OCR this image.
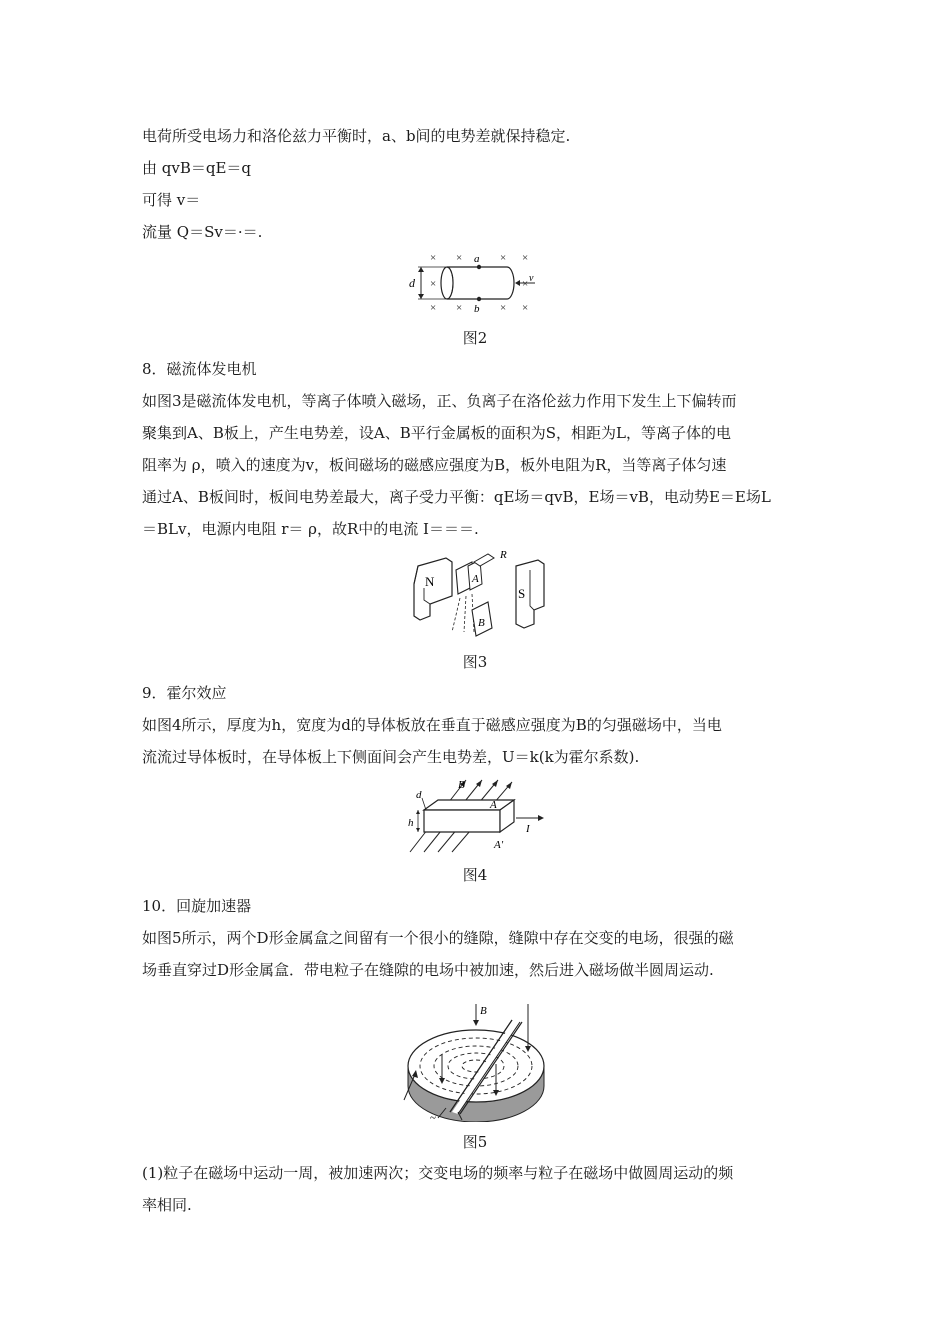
电荷所受电场力和洛伦兹力平衡时，a、b间的电势差就保持稳定.
由 qvB＝qE＝q
可得 v＝
流量 Q＝Sv＝·＝.
× ×	× ×
×	×
× ×	× ×
d
a
b
v
图2
8．磁流体发电机
如图3是磁流体发电机，等离子体喷入磁场，正、负离子在洛伦兹力作用下发生上下偏转而
聚集到A、B板上，产生电势差，设A、B平行金属板的面积为S，相距为L，等离子体的电
阻率为 ρ，喷入的速度为v，板间磁场的磁感应强度为B，板外电阻为R，当等离子体匀速
通过A、B板间时，板间电势差最大，离子受力平衡：qE场＝qvB，E场＝vB，电动势E＝E场L
＝BLv，电源内电阻 r＝ ρ，故R中的电流 I＝＝＝.
N	A
R
B
S
图3
9．霍尔效应
如图4所示，厚度为h，宽度为d的导体板放在垂直于磁感应强度为B的匀强磁场中，当电
流流过导体板时，在导体板上下侧面间会产生电势差，U＝k(k为霍尔系数).
B
A
A′
d
h	I
图4
10．回旋加速器
如图5所示，两个D形金属盒之间留有一个很小的缝隙，缝隙中存在交变的电场，很强的磁
场垂直穿过D形金属盒．带电粒子在缝隙的电场中被加速，然后进入磁场做半圆周运动.
B
~
图5
(1)粒子在磁场中运动一周，被加速两次；交变电场的频率与粒子在磁场中做圆周运动的频
率相同.
